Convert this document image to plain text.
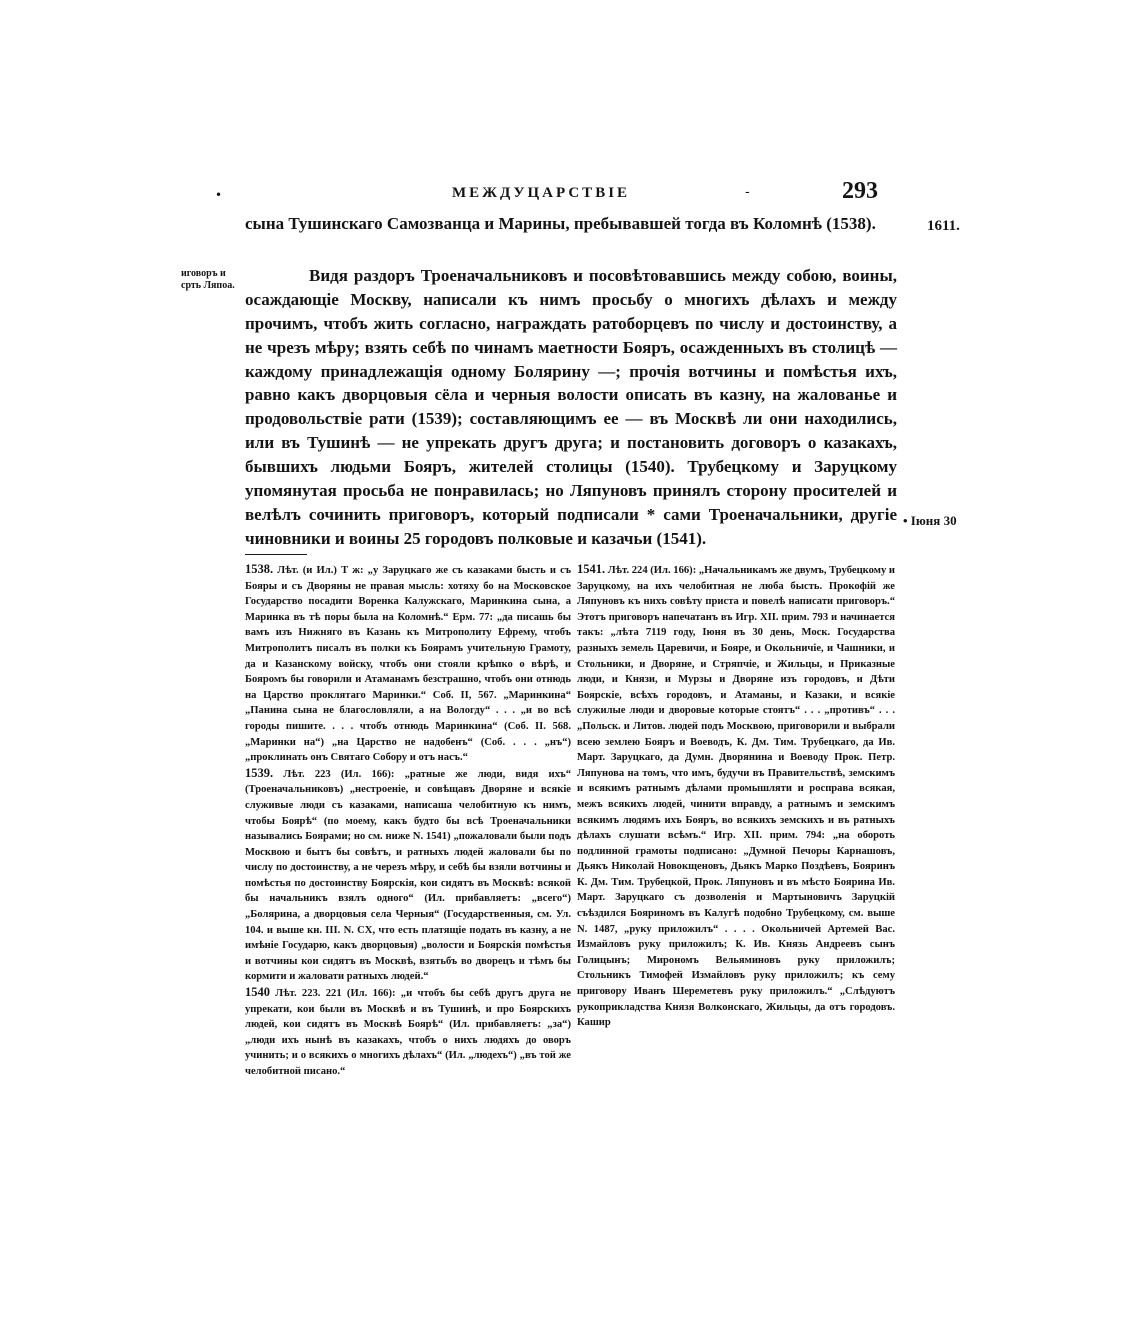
•	МЕЖДУЦАРСТВІЕ	-	293
1611.
иговоръ и срть Ляпоа.
• Іюня 30

сына Тушинскаго Самозванца и Марины, пребывавшей тогда въ Коломнѣ (1538).

Видя раздоръ Троеначальниковъ и посовѣтовавшись между собою, воины, осаждающіе Москву, написали къ нимъ просьбу о многихъ дѣлахъ и между прочимъ, чтобъ жить согласно, награждать ратоборцевъ по числу и достоинству, а не чрезъ мѣру; взять себѣ по чинамъ маетности Бояръ, осажденныхъ въ столицѣ — каждому принадлежащія одному Болярину —; прочія вотчины и помѣстья ихъ, равно какъ дворцовыя сёла и черныя волости описать въ казну, на жалованье и продовольствіе рати (1539); составляющимъ ее — въ Москвѣ ли они находились, или въ Тушинѣ — не упрекать другъ друга; и постановить договоръ о казакахъ, бывшихъ людьми Бояръ, жителей столицы (1540). Трубецкому и Заруцкому упомянутая просьба не понравилась; но Ляпуновъ принялъ сторону просителей и велѣлъ сочинить приговоръ, который подписали * сами Троеначальники, другіе чиновники и воины 25 городовъ полковые и казачьи (1541).

1538. Лѣт. (и Ил.) Т ж: „у Заруцкаго же съ казаками бысть и съ Бояры и съ Дворяны не правая мысль: хотяху бо на Московское Государство посадити Воренка Калужскаго, Маринкина сына, а Маринка въ тѣ поры была на Коломнѣ.“ Ерм. 77: „да писашь бы вамъ изъ Нижняго въ Казань къ Митрополиту Ефрему, чтобъ Митрополитъ писалъ въ полки къ Боярамъ учительную Грамоту, да и Казанскому войску, чтобъ они стояли крѣпко о вѣрѣ, и Бояромъ бы говорили и Атаманамъ безстрашно, чтобъ они отнюдь на Царство проклятаго Маринки.“ Соб. II, 567. „Маринкина“ „Панина сына не благословляли, а на Вологду“ . . . „и во всѣ городы пишите. . . . чтобъ отнюдь Маринкина“ (Соб. II. 568. „Маринки на“) „на Царство не надобенъ“ (Соб. . . . „нъ“) „проклинать онъ Святаго Собору и отъ насъ.“

1539. Лѣт. 223 (Ил. 166): „ратные же люди, видя ихъ“ (Троеначальниковъ) „нестроеніе, и совѣщавъ Дворяне и всякіе служивые люди съ казаками, написаша челобитную къ нимъ, чтобы Боярѣ“ (по моему, какъ будто бы всѣ Троеначальники назывались Боярами; но см. ниже N. 1541) „пожаловали были подъ Москвою и бытъ бы совѣтъ, и ратныхъ людей жаловали бы по числу по достоинству, а не черезъ мѣру, и себѣ бы взяли вотчины и помѣстья по достоинству Боярскія, кои сидятъ въ Москвѣ: всякой бы начальникъ взялъ одного“ (Ил. прибавляетъ: „всего“) „Болярина, а дворцовыя села Черныя“ (Государственныя, см. Ул. 104. и выше кн. III. N. CX, что есть платящіе подать въ казну, а не имѣніе Государю, какъ дворцовыя) „волости и Боярскія помѣстья и вотчины кои сидятъ въ Москвѣ, взятьбъ во дворецъ и тѣмъ бы кормити и жаловати ратныхъ людей.“

1540 Лѣт. 223. 221 (Ил. 166): „и чтобъ бы себѣ другъ друга не упрекати, кои были въ Москвѣ и въ Тушинѣ, и про Боярскихъ людей, кои сидятъ въ Москвѣ Боярѣ“ (Ил. прибавляетъ: „за“) „люди ихъ нынѣ въ казакахъ, чтобъ о нихъ людяхъ до оворъ учинить; и о всякихъ о многихъ дѣлахъ“ (Ил. „людехъ“) „въ той же челобитной писано.“

1541. Лѣт. 224 (Ил. 166): „Начальникамъ же двумъ, Трубецкому и Заруцкому, на ихъ челобитная не люба бысть. Прокофій же Ляпуновъ къ нихъ совѣту приста и повелѣ написати приговоръ.“ Этотъ приговоръ напечатанъ въ Игр. XII. прим. 793 и начинается такъ: „лѣта 7119 году, Іюня въ 30 день, Моск. Государства разныхъ земель Царевичи, и Бояре, и Окольничіе, и Чашники, и Стольники, и Дворяне, и Стряпчіе, и Жильцы, и Приказные люди, и Князи, и Мурзы и Дворяне изъ городовъ, и Дѣти Боярскіе, всѣхъ городовъ, и Атаманы, и Казаки, и всякіе служилые люди и дворовые которые стоятъ“ . . . „противъ“ . . . „Польск. и Литов. людей подъ Москвою, приговорили и выбрали всею землею Бояръ и Воеводъ, К. Дм. Тим. Трубецкаго, да Ив. Март. Заруцкаго, да Думн. Дворянина и Воеводу Прок. Петр. Ляпунова на томъ, что имъ, будучи въ Правительствѣ, земскимъ и всякимъ ратнымъ дѣлами промышляти и росправа всякая, межъ всякихъ людей, чинити вправду, а ратнымъ и земскимъ всякимъ людямъ ихъ Бояръ, во всякихъ земскихъ и въ ратныхъ дѣлахъ слушати всѣмъ.“ Игр. XII. прим. 794: „на обороть подлинной грамоты подписано: „Думной Печоры Карнашовъ, Дьякъ Николай Новокщеновъ, Дьякъ Марко Поздѣевъ, Бояринъ К. Дм. Тим. Трубецкой, Прок. Ляпуновъ и въ мѣсто Боярина Ив. Март. Заруцкаго съ дозволенія и Мартыновичъ Заруцкій съѣздился Бояриномъ въ Калугѣ подобно Трубецкому, см. выше N. 1487, „руку приложилъ“ . . . . Окольничей Артемей Вас. Измайловъ руку приложилъ; К. Ив. Князь Андреевъ сынъ Голицынъ; Мирономъ Вельяминовъ руку приложилъ; Стольникъ Тимофей Измайловъ руку приложилъ; къ сему приговору Иванъ Шереметевъ руку приложилъ.“ „Слѣдуютъ рукоприкладства Князя Волконскаго, Жильцы, да отъ городовъ. Кашир
